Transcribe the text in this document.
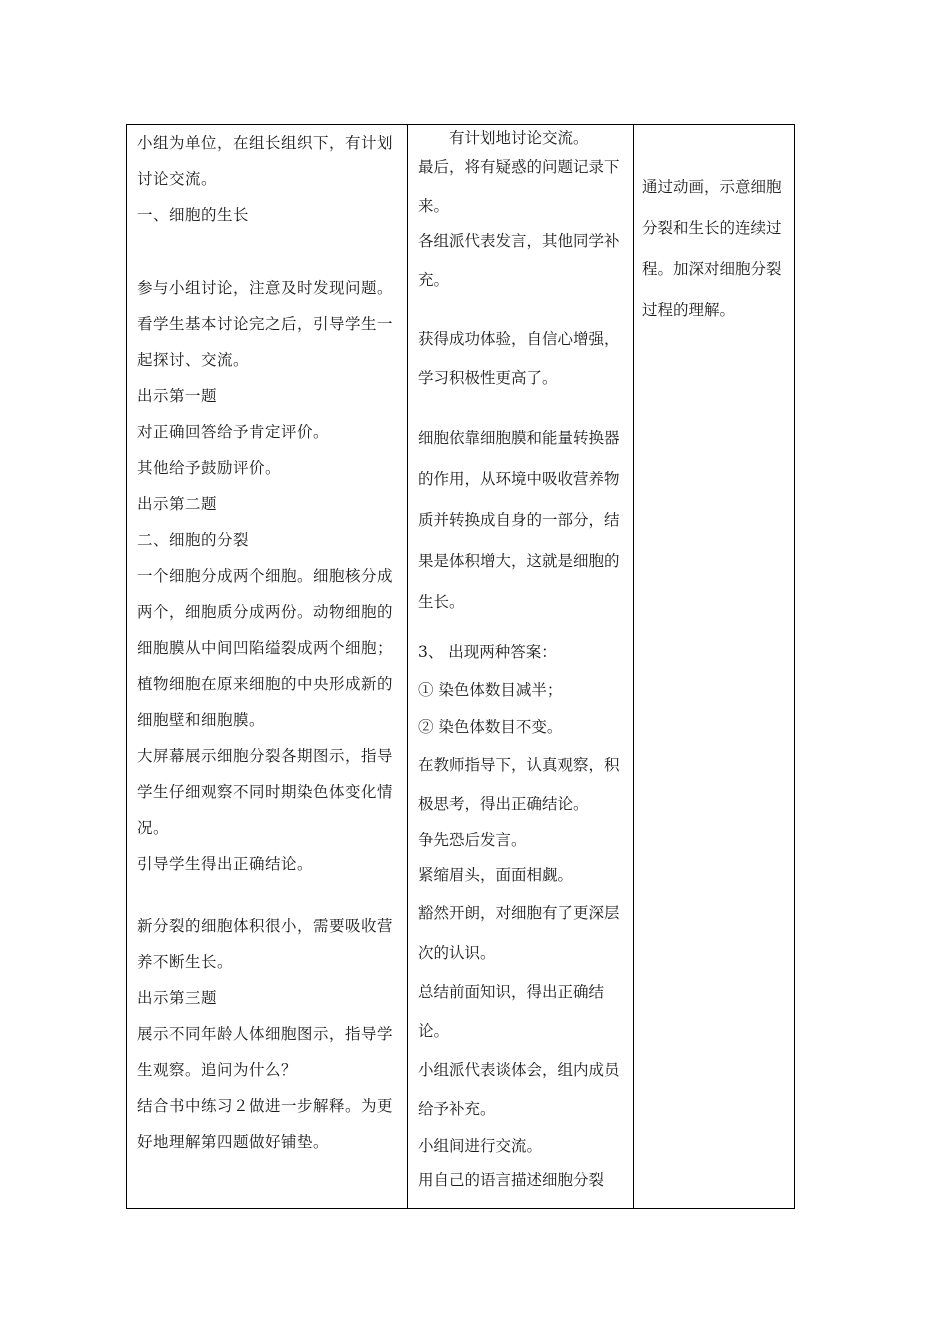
小组为单位，在组长组织下，有计划讨论交流。

一、细胞的生长

参与小组讨论，注意及时发现问题。看学生基本讨论完之后，引导学生一起探讨、交流。

出示第一题

对正确回答给予肯定评价。

其他给予鼓励评价。

出示第二题

二、细胞的分裂

一个细胞分成两个细胞。细胞核分成两个，细胞质分成两份。动物细胞的细胞膜从中间凹陷缢裂成两个细胞；植物细胞在原来细胞的中央形成新的细胞壁和细胞膜。

大屏幕展示细胞分裂各期图示，指导学生仔细观察不同时期染色体变化情况。

引导学生得出正确结论。

新分裂的细胞体积很小，需要吸收营养不断生长。

出示第三题

展示不同年龄人体细胞图示，指导学生观察。追问为什么？

结合书中练习２做进一步解释。为更好地理解第四题做好铺垫。

有计划地讨论交流。

最后，将有疑惑的问题记录下来。

各组派代表发言，其他同学补充。

获得成功体验，自信心增强，学习积极性更高了。

细胞依靠细胞膜和能量转换器的作用，从环境中吸收营养物质并转换成自身的一部分，结果是体积增大，这就是细胞的生长。

3、 出现两种答案：

① 染色体数目减半；

② 染色体数目不变。

在教师指导下，认真观察，积极思考，得出正确结论。

争先恐后发言。

紧缩眉头，面面相觑。

豁然开朗，对细胞有了更深层次的认识。

总结前面知识，得出正确结论。

小组派代表谈体会，组内成员给予补充。

小组间进行交流。

用自己的语言描述细胞分裂

通过动画，示意细胞分裂和生长的连续过程。加深对细胞分裂过程的理解。
